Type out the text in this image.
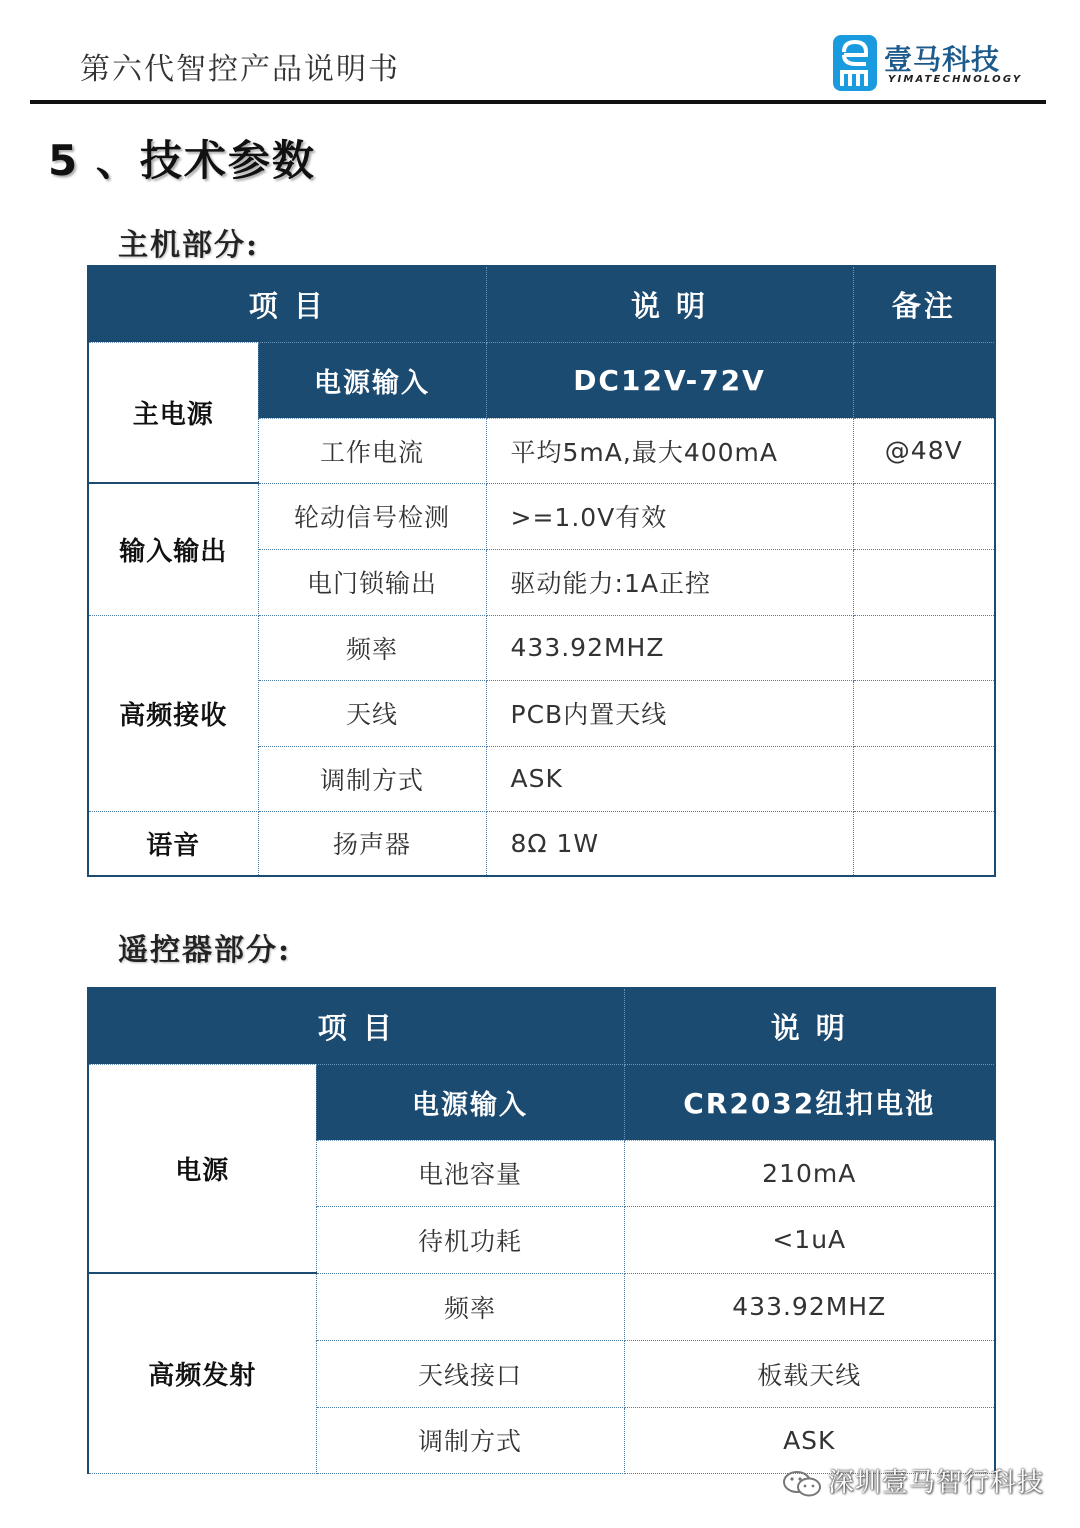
第六代智控产品说明书	壹马科技
YIMATECHNOLOGY
5 、技术参数
主机部分:
项 目		说 明	备注
主电源	电源输入	DC12V-72V	
	工作电流	平均5mA,最大400mA	@48V
输入输出	轮动信号检测	>=1.0V有效	
	电门锁输出	驱动能力:1A正控	
高频接收	频率	433.92MHZ	
	天线	PCB内置天线	
	调制方式	ASK	
语音	扬声器	8Ω 1W	
遥控器部分:
项 目		说 明
电源	电源输入	CR2032纽扣电池
	电池容量	210mA
	待机功耗	<1uA
高频发射	频率	433.92MHZ
	天线接口	板载天线
	调制方式	ASK
深圳壹马智行科技
